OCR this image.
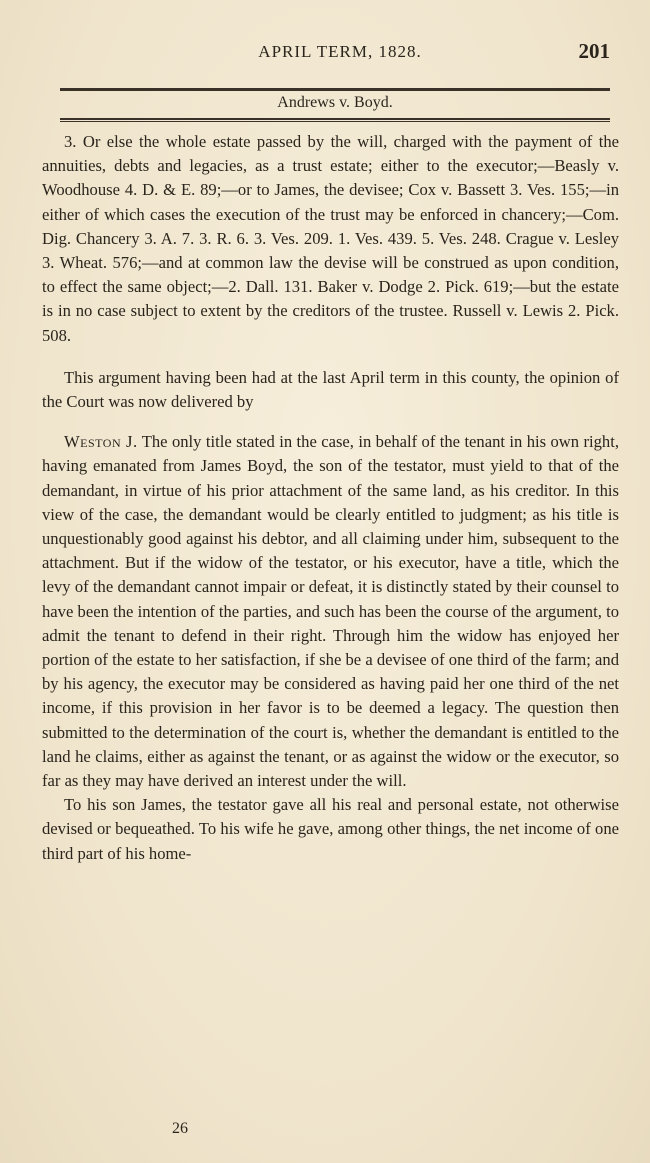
APRIL TERM, 1828.	201
Andrews v. Boyd.

3. Or else the whole estate passed by the will, charged with the payment of the annuities, debts and legacies, as a trust estate; either to the executor;—Beasly v. Woodhouse 4. D. & E. 89;—or to James, the devisee; Cox v. Bassett 3. Ves. 155;—in either of which cases the execution of the trust may be enforced in chancery;—Com. Dig. Chancery 3. A. 7. 3. R. 6. 3. Ves. 209. 1. Ves. 439. 5. Ves. 248. Crague v. Lesley 3. Wheat. 576;—and at common law the devise will be construed as upon condition, to effect the same object;—2. Dall. 131. Baker v. Dodge 2. Pick. 619;—but the estate is in no case subject to extent by the creditors of the trustee. Russell v. Lewis 2. Pick. 508.

This argument having been had at the last April term in this county, the opinion of the Court was now delivered by

Weston J. The only title stated in the case, in behalf of the tenant in his own right, having emanated from James Boyd, the son of the testator, must yield to that of the demandant, in virtue of his prior attachment of the same land, as his creditor. In this view of the case, the demandant would be clearly entitled to judgment; as his title is unquestionably good against his debtor, and all claiming under him, subsequent to the attachment. But if the widow of the testator, or his executor, have a title, which the levy of the demandant cannot impair or defeat, it is distinctly stated by their counsel to have been the intention of the parties, and such has been the course of the argument, to admit the tenant to defend in their right. Through him the widow has enjoyed her portion of the estate to her satisfaction, if she be a devisee of one third of the farm; and by his agency, the executor may be considered as having paid her one third of the net income, if this provision in her favor is to be deemed a legacy. The question then submitted to the determination of the court is, whether the demandant is entitled to the land he claims, either as against the tenant, or as against the widow or the executor, so far as they may have derived an interest under the will.

To his son James, the testator gave all his real and personal estate, not otherwise devised or bequeathed. To his wife he gave, among other things, the net income of one third part of his home-

26
